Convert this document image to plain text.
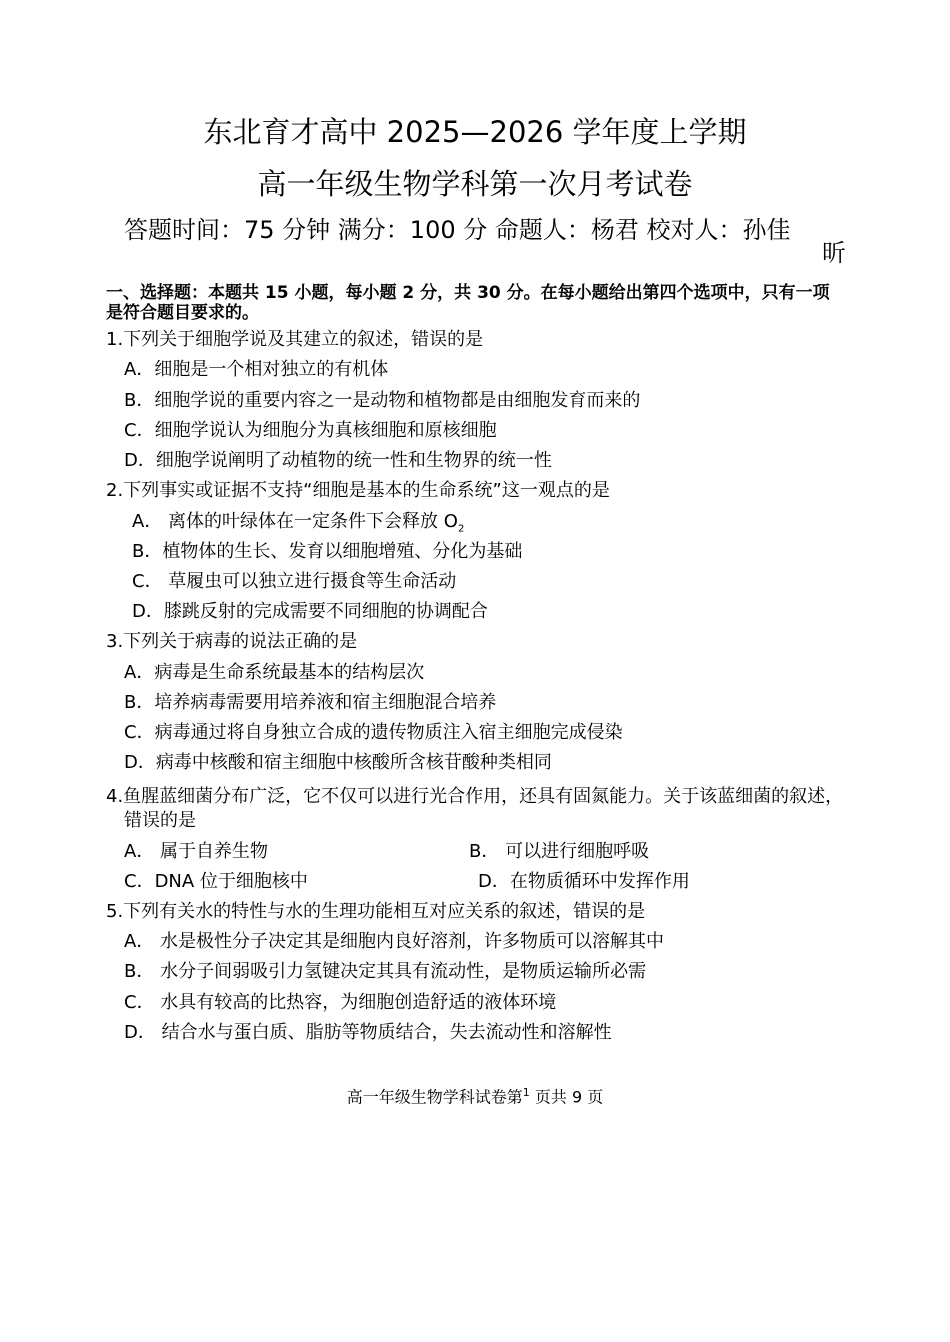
东北育才高中 2025—2026 学年度上学期
高一年级生物学科第一次月考试卷
答题时间：75 分钟 满分：100 分 命题人：杨君 校对人：孙佳

昕
一、选择题：本题共 15 小题，每小题 2 分，共 30 分。在每小题给出第四个选项中，只有一项是符合题目要求的。
1.下列关于细胞学说及其建立的叙述，错误的是
A．细胞是一个相对独立的有机体
B．细胞学说的重要内容之一是动物和植物都是由细胞发育而来的
C．细胞学说认为细胞分为真核细胞和原核细胞
D．细胞学说阐明了动植物的统一性和生物界的统一性
2.下列事实或证据不支持“细胞是基本的生命系统”这一观点的是
A． 离体的叶绿体在一定条件下会释放 $O_2$
B．植物体的生长、发育以细胞增殖、分化为基础
C． 草履虫可以独立进行摄食等生命活动
D．膝跳反射的完成需要不同细胞的协调配合
3.下列关于病毒的说法正确的是
A．病毒是生命系统最基本的结构层次
B．培养病毒需要用培养液和宿主细胞混合培养
C．病毒通过将自身独立合成的遗传物质注入宿主细胞完成侵染
D．病毒中核酸和宿主细胞中核酸所含核苷酸种类相同
4.鱼腥蓝细菌分布广泛，它不仅可以进行光合作用，还具有固氮能力。关于该蓝细菌的叙述，错误的是
A． 属于自养生物	B． 可以进行细胞呼吸
C．DNA 位于细胞核中	D．在物质循环中发挥作用
5.下列有关水的特性与水的生理功能相互对应关系的叙述，错误的是
A． 水是极性分子决定其是细胞内良好溶剂，许多物质可以溶解其中
B． 水分子间弱吸引力氢键决定其具有流动性，是物质运输所必需
C． 水具有较高的比热容，为细胞创造舒适的液体环境
D． 结合水与蛋白质、脂肪等物质结合，失去流动性和溶解性
高一年级生物学科试卷第$^1$ 页共 9 页
